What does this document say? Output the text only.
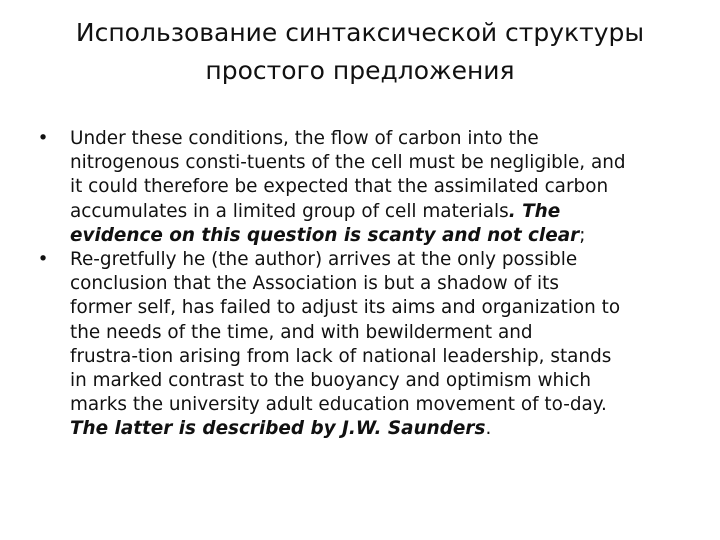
Использование синтаксической структуры
простого предложения
• Under these conditions, the flow of carbon into the
nitrogenous consti-tuents of the cell must be negligible, and
it could therefore be expected that the assimilated carbon
accumulates in a limited group of cell materials. The
evidence on this question is scanty and not clear;
• Re-gretfully he (the author) arrives at the only possible
conclusion that the Association is but a shadow of its
former self, has failed to adjust its aims and organization to
the needs of the time, and with bewilderment and
frustra-tion arising from lack of national leadership, stands
in marked contrast to the buoyancy and optimism which
marks the university adult education movement of to-day.
The latter is described by J.W. Saunders.
